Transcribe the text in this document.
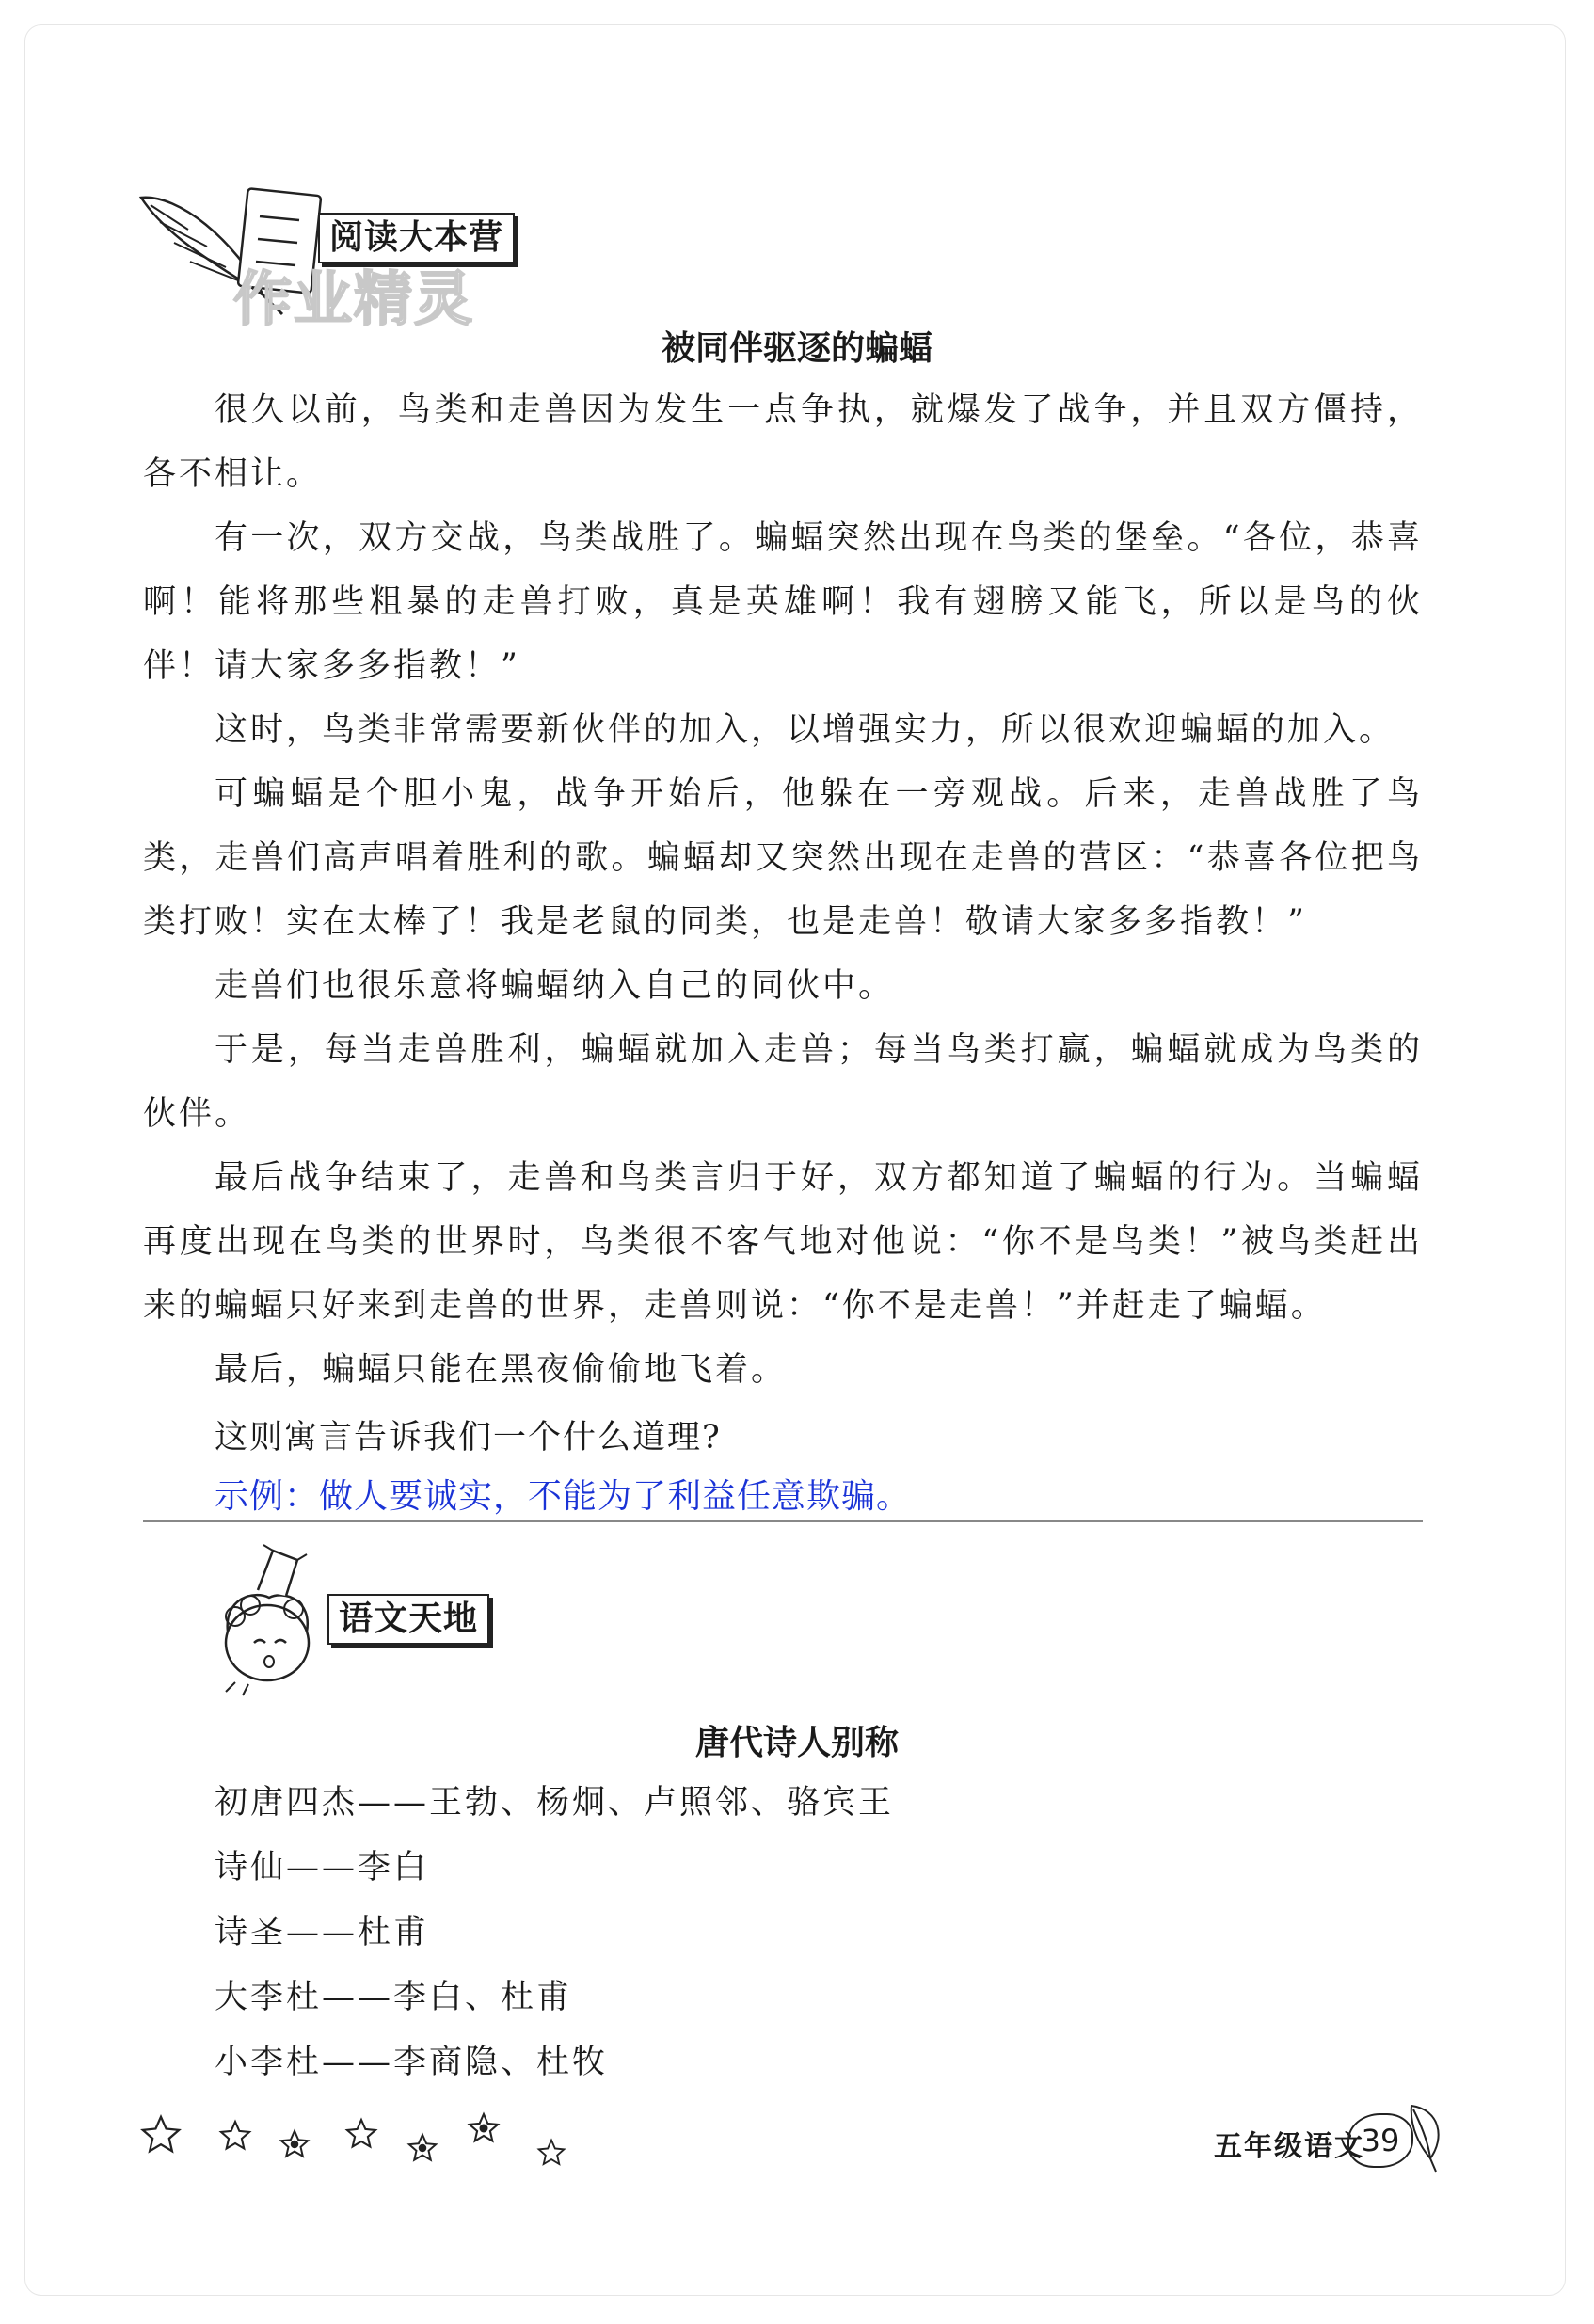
阅读大本营
作业精灵
被同伴驱逐的蝙蝠

很久以前，鸟类和走兽因为发生一点争执，就爆发了战争，并且双方僵持，各不相让。

有一次，双方交战，鸟类战胜了。蝙蝠突然出现在鸟类的堡垒。“各位，恭喜啊！能将那些粗暴的走兽打败，真是英雄啊！我有翅膀又能飞，所以是鸟的伙伴！请大家多多指教！”

这时，鸟类非常需要新伙伴的加入，以增强实力，所以很欢迎蝙蝠的加入。

可蝙蝠是个胆小鬼，战争开始后，他躲在一旁观战。后来，走兽战胜了鸟类，走兽们高声唱着胜利的歌。蝙蝠却又突然出现在走兽的营区：“恭喜各位把鸟类打败！实在太棒了！我是老鼠的同类，也是走兽！敬请大家多多指教！”

走兽们也很乐意将蝙蝠纳入自己的同伙中。

于是，每当走兽胜利，蝙蝠就加入走兽；每当鸟类打赢，蝙蝠就成为鸟类的伙伴。

最后战争结束了，走兽和鸟类言归于好，双方都知道了蝙蝠的行为。当蝙蝠再度出现在鸟类的世界时，鸟类很不客气地对他说：“你不是鸟类！”被鸟类赶出来的蝙蝠只好来到走兽的世界，走兽则说：“你不是走兽！”并赶走了蝙蝠。

最后，蝙蝠只能在黑夜偷偷地飞着。

这则寓言告诉我们一个什么道理?
示例：做人要诚实，不能为了利益任意欺骗。
语文天地
唐代诗人别称
初唐四杰——王勃、杨炯、卢照邻、骆宾王
诗仙——李白
诗圣——杜甫
大李杜——李白、杜甫
小李杜——李商隐、杜牧
五年级语文
39
